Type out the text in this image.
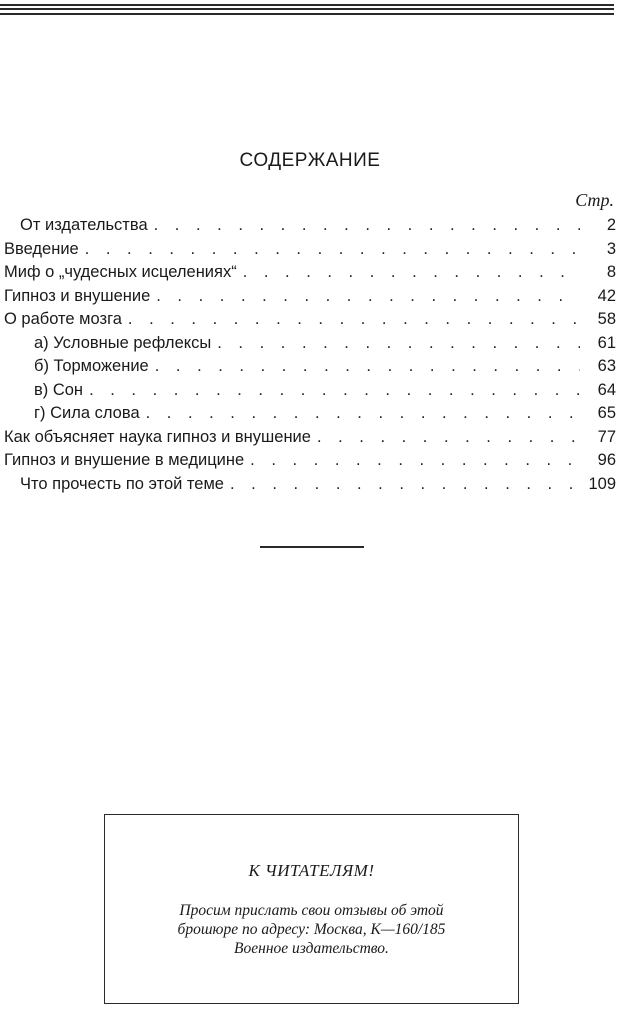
СОДЕРЖАНИЕ
Стр.
От издательства . . .	2
Введение . . .	3
Миф о „чудесных исцелениях“ . . .	8
Гипноз и внушение . . .	42
О работе мозга . . .	58
а) Условные рефлексы . . .	61
б) Торможение . . .	63
в) Сон . . .	64
г) Сила слова . . .	65
Как объясняет наука гипноз и внушение . . .	77
Гипноз и внушение в медицине . . .	96
Что прочесть по этой теме . . .	109
К ЧИТАТЕЛЯМ!
Просим прислать свои отзывы об этой
брошюре по адресу: Москва, К—160/185
Военное издательство.
